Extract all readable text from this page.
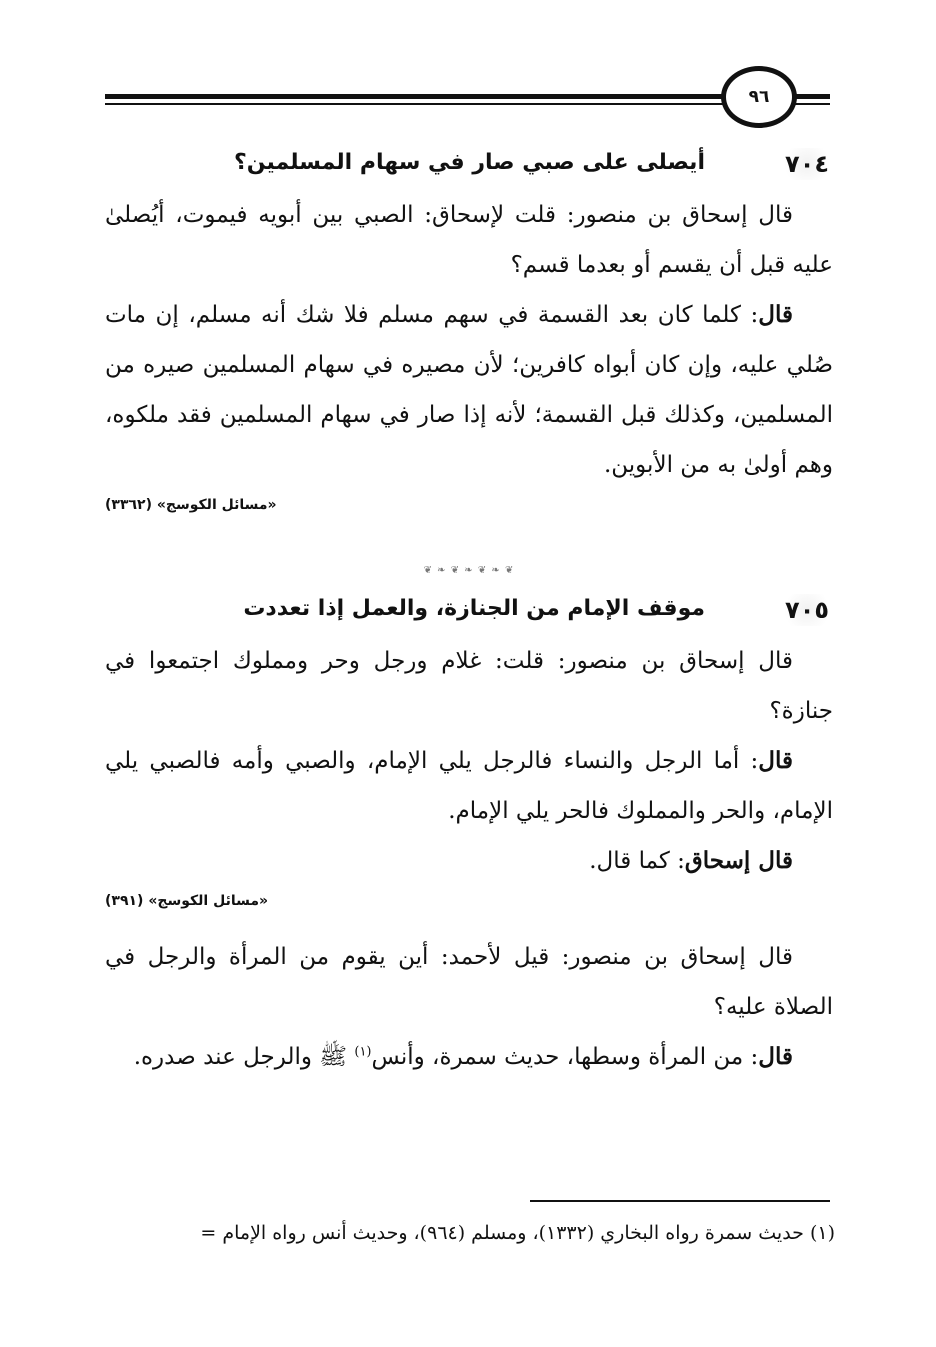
٩٦
٧٠٤
أيصلى على صبي صار في سهام المسلمين؟

قال إسحاق بن منصور: قلت لإسحاق: الصبي بين أبويه فيموت، أيُصلىٰ عليه قبل أن يقسم أو بعدما قسم؟

قال: كلما كان بعد القسمة في سهم مسلم فلا شك أنه مسلم، إن مات صُلي عليه، وإن كان أبواه كافرين؛ لأن مصيره في سهام المسلمين صيره من المسلمين، وكذلك قبل القسمة؛ لأنه إذا صار في سهام المسلمين فقد ملكوه، وهم أولىٰ به من الأبوين.

«مسائل الكوسج» (٣٣٦٢)
❦ ❧ ❦ ❧ ❦ ❧ ❦
٧٠٥
موقف الإمام من الجنازة، والعمل إذا تعددت

قال إسحاق بن منصور: قلت: غلام ورجل وحر ومملوك اجتمعوا في جنازة؟

قال: أما الرجل والنساء فالرجل يلي الإمام، والصبي وأمه فالصبي يلي الإمام، والحر والمملوك فالحر يلي الإمام.

قال إسحاق: كما قال.

«مسائل الكوسج» (٣٩١)

قال إسحاق بن منصور: قيل لأحمد: أين يقوم من المرأة والرجل في الصلاة عليه؟

قال: من المرأة وسطها، حديث سمرة، وأنس$^{(١)}$ ﷺ والرجل عند صدره.

(١) حديث سمرة رواه البخاري (١٣٣٢)، ومسلم (٩٦٤)، وحديث أنس رواه الإمام =
